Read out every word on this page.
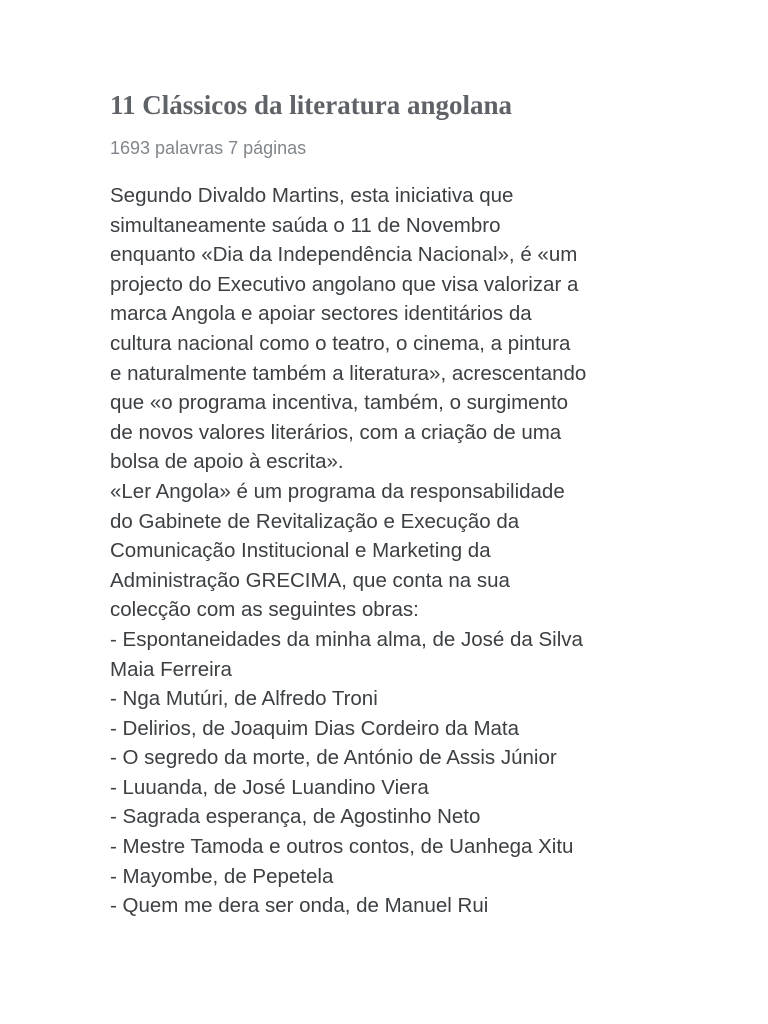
11 Clássicos da literatura angolana
1693 palavras 7 páginas
Segundo Divaldo Martins, esta iniciativa que
simultaneamente saúda o 11 de Novembro
enquanto «Dia da Independência Nacional», é «um
projecto do Executivo angolano que visa valorizar a
marca Angola e apoiar sectores identitários da
cultura nacional como o teatro, o cinema, a pintura
e naturalmente também a literatura», acrescentando
que «o programa incentiva, também, o surgimento
de novos valores literários, com a criação de uma
bolsa de apoio à escrita».
«Ler Angola» é um programa da responsabilidade
do Gabinete de Revitalização e Execução da
Comunicação Institucional e Marketing da
Administração GRECIMA, que conta na sua
colecção com as seguintes obras:
- Espontaneidades da minha alma, de José da Silva
Maia Ferreira
- Nga Mutúri, de Alfredo Troni
- Delirios, de Joaquim Dias Cordeiro da Mata
- O segredo da morte, de António de Assis Júnior
- Luuanda, de José Luandino Viera
- Sagrada esperança, de Agostinho Neto
- Mestre Tamoda e outros contos, de Uanhega Xitu
- Mayombe, de Pepetela
- Quem me dera ser onda, de Manuel Rui
